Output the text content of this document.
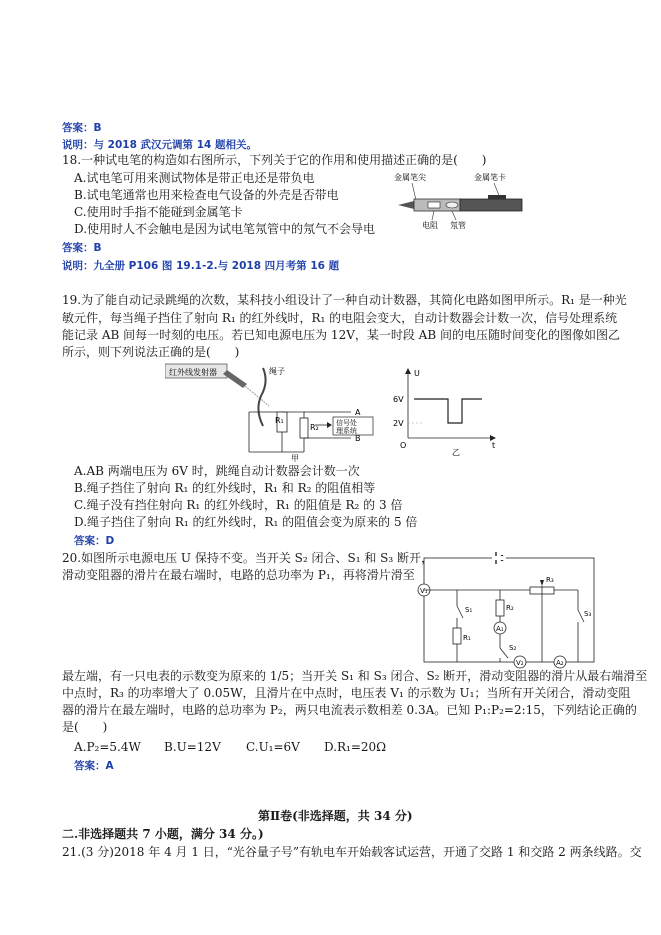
答案：B
说明：与 2018 武汉元调第 14 题相关。
18.一种试电笔的构造如右图所示，下列关于它的作用和使用描述正确的是(　　)
A.试电笔可用来测试物体是带正电还是带负电
B.试电笔通常也用来检查电气设备的外壳是否带电
C.使用时手指不能碰到金属笔卡
D.使用时人不会触电是因为试电笔氖管中的氖气不会导电
金属笔尖	金属笔卡
电阻 氖管
答案：B
说明：九全册 P106 图 19.1-2.与 2018 四月考第 16 题
19.为了能自动记录跳绳的次数，某科技小组设计了一种自动计数器，其简化电路如图甲所示。R₁ 是一种光
敏元件，每当绳子挡住了射向 R₁ 的红外线时，R₁ 的电阻会变大，自动计数器会计数一次，信号处理系统
能记录 AB 间每一时刻的电压。若已知电源电压为 12V，某一时段 AB 间的电压随时间变化的图像如图乙
所示，则下列说法正确的是(　　)
红外线发射器	绳子
R₁
R₂
A
B
信号处
理系统
甲
U
6V
2V
O	t
乙
A.AB 两端电压为 6V 时，跳绳自动计数器会计数一次
B.绳子挡住了射向 R₁ 的红外线时，R₁ 和 R₂ 的阻值相等
C.绳子没有挡住射向 R₁ 的红外线时，R₁ 的阻值是 R₂ 的 3 倍
D.绳子挡住了射向 R₁ 的红外线时，R₁ 的阻值会变为原来的 5 倍
答案：D
20.如图所示电源电压 U 保持不变。当开关 S₂ 闭合、S₁ 和 S₃ 断开，
滑动变阻器的滑片在最右端时，电路的总功率为 P₁，再将滑片滑至
V₁
S₁
R₁
R₂
A₁
S₂
R₃
S₃
V₂	A₂
最左端，有一只电表的示数变为原来的 1/5；当开关 S₁ 和 S₃ 闭合、S₂ 断开，滑动变阻器的滑片从最右端滑至
中点时，R₃ 的功率增大了 0.05W，且滑片在中点时，电压表 V₁ 的示数为 U₁；当所有开关闭合，滑动变阻
器的滑片在最左端时，电路的总功率为 P₂，两只电流表示数相差 0.3A。已知 P₁:P₂=2:15，下列结论正确的
是(　　)
A.P₂=5.4W B.U=12V C.U₁=6V D.R₁=20Ω
答案：A
第Ⅱ卷(非选择题，共 34 分)
二.非选择题共 7 小题，满分 34 分。)
21.(3 分)2018 年 4 月 1 日，“光谷量子号”有轨电车开始载客试运营，开通了交路 1 和交路 2 两条线路。交
